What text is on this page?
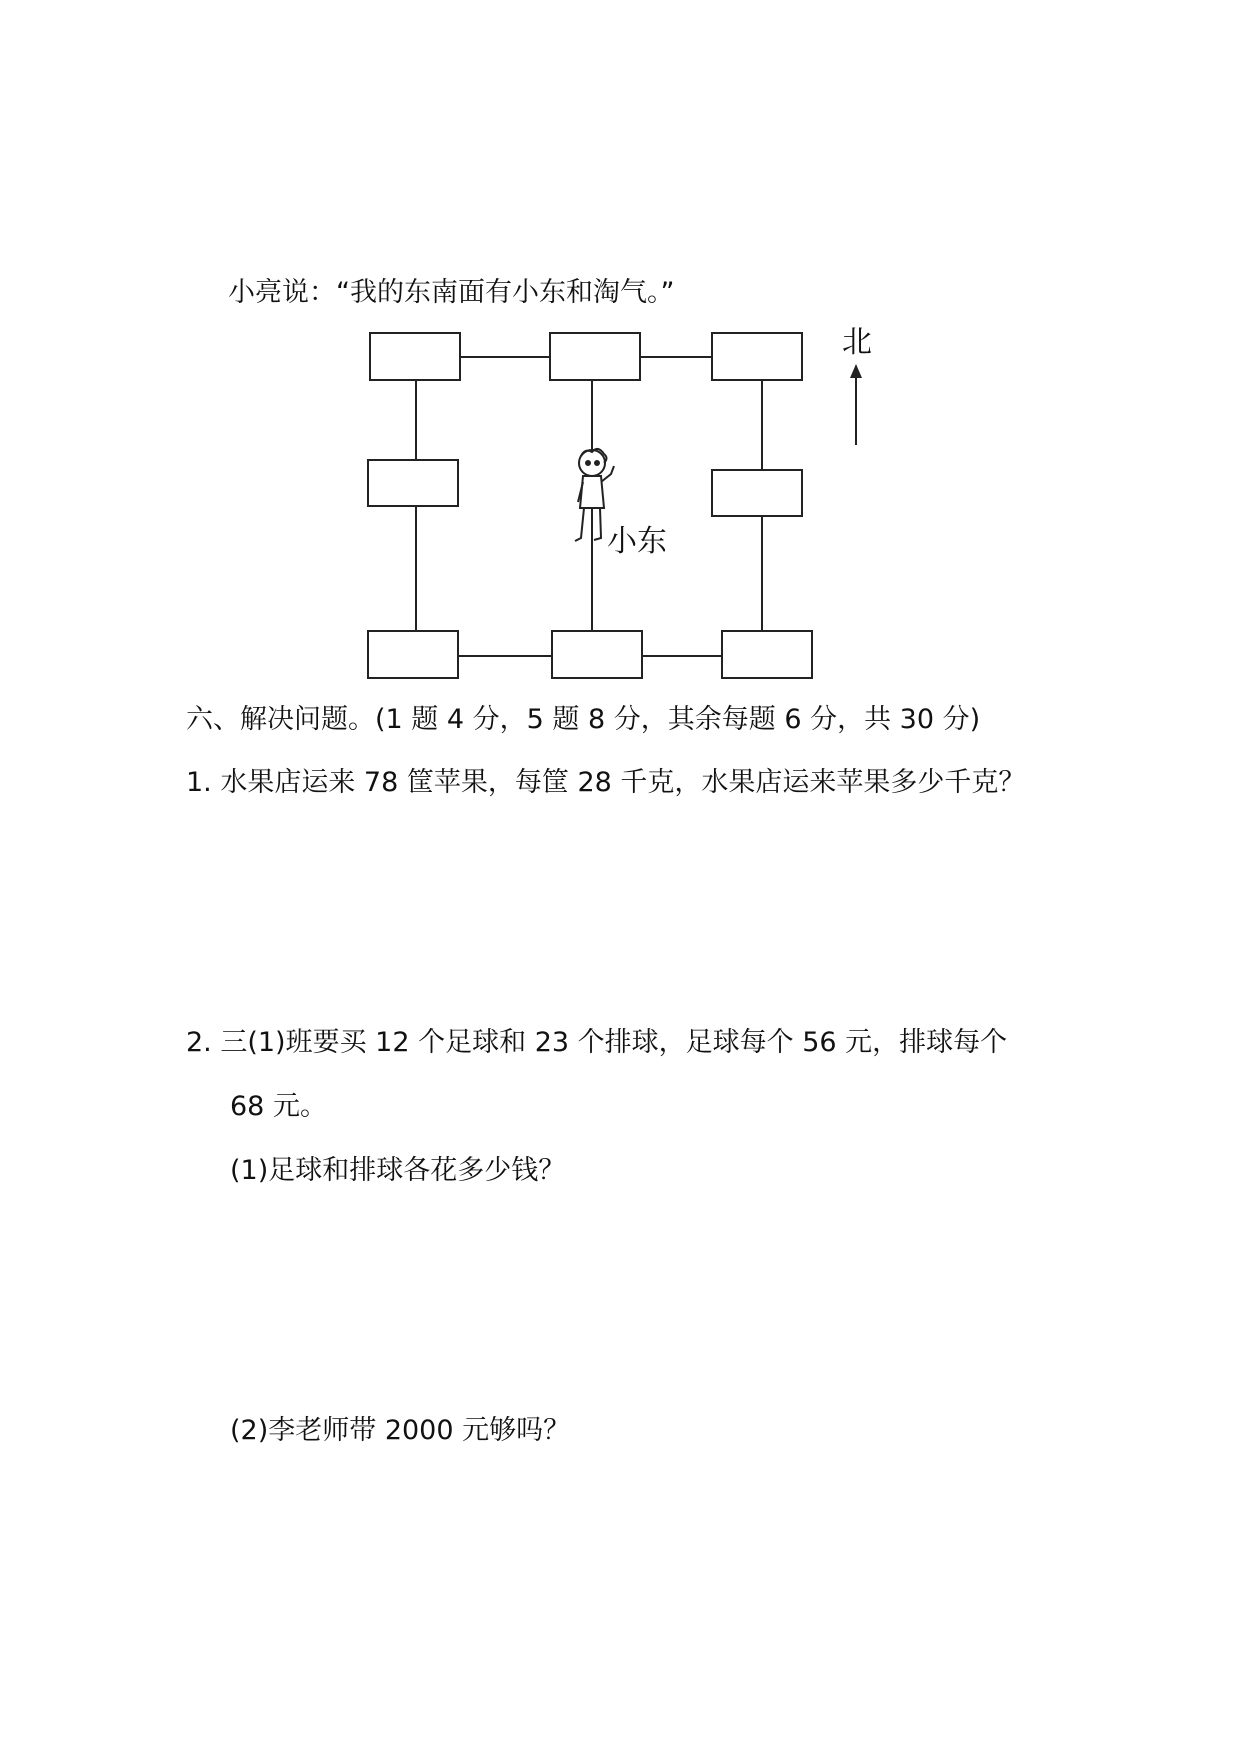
小亮说：“我的东南面有小东和淘气。”
小东
北
六、解决问题。(1 题 4 分，5 题 8 分，其余每题 6 分，共 30 分)
1. 水果店运来 78 筐苹果，每筐 28 千克，水果店运来苹果多少千克？
2. 三(1)班要买 12 个足球和 23 个排球，足球每个 56 元，排球每个
68 元。
(1)足球和排球各花多少钱？
(2)李老师带 2000 元够吗？
